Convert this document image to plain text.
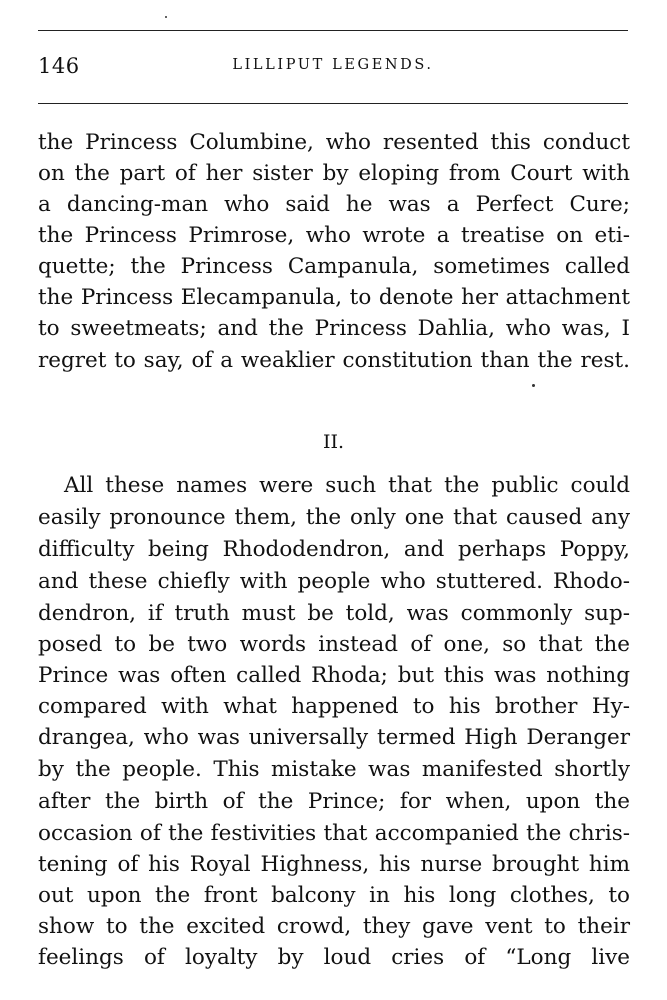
146	LILLIPUT LEGENDS.
the Princess Columbine, who resented this conduct
on the part of her sister by eloping from Court with
a dancing-man who said he was a Perfect Cure;
the Princess Primrose, who wrote a treatise on eti-
quette; the Princess Campanula, sometimes called
the Princess Elecampanula, to denote her attachment
to sweetmeats; and the Princess Dahlia, who was, I
regret to say, of a weaklier constitution than the rest.
II.
All these names were such that the public could
easily pronounce them, the only one that caused any
difficulty being Rhododendron, and perhaps Poppy,
and these chiefly with people who stuttered. Rhodo-
dendron, if truth must be told, was commonly sup-
posed to be two words instead of one, so that the
Prince was often called Rhoda; but this was nothing
compared with what happened to his brother Hy-
drangea, who was universally termed High Deranger
by the people. This mistake was manifested shortly
after the birth of the Prince; for when, upon the
occasion of the festivities that accompanied the chris-
tening of his Royal Highness, his nurse brought him
out upon the front balcony in his long clothes, to
show to the excited crowd, they gave vent to their
feelings of loyalty by loud cries of “Long live
